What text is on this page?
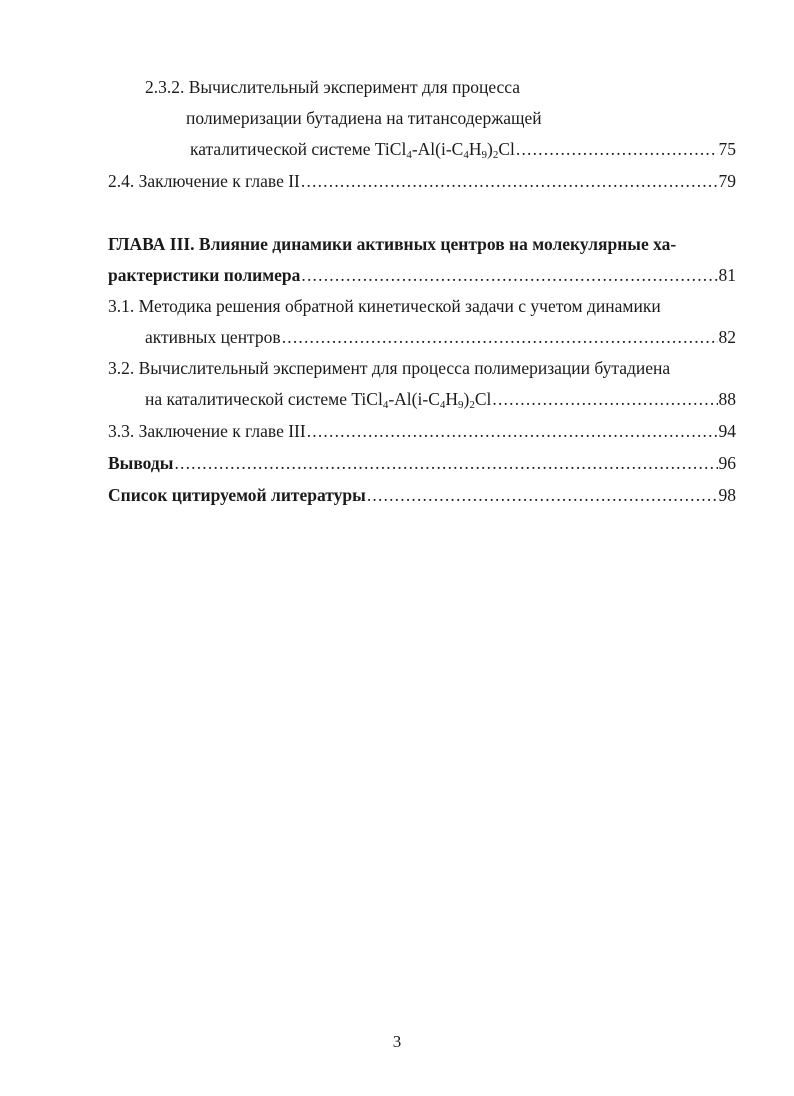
2.3.2. Вычислительный эксперимент для процесса
полимеризации бутадиена на титансодержащей
каталитической системе $TiCl_4-Al(i-C_4H_9)_2Cl$ .....	75
2.4. Заключение к главе II .....	79
ГЛАВА III. Влияние динамики активных центров на молекулярные ха-
рактеристики полимера .....	81
3.1. Методика решения обратной кинетической задачи с учетом динамики
активных центров .....	82
3.2. Вычислительный эксперимент для процесса полимеризации бутадиена
на каталитической системе $TiCl_4-Al(i-C_4H_9)_2Cl$ .....	88
3.3. Заключение к главе III .....	94
Выводы .....	96
Список цитируемой литературы .....	98
3
